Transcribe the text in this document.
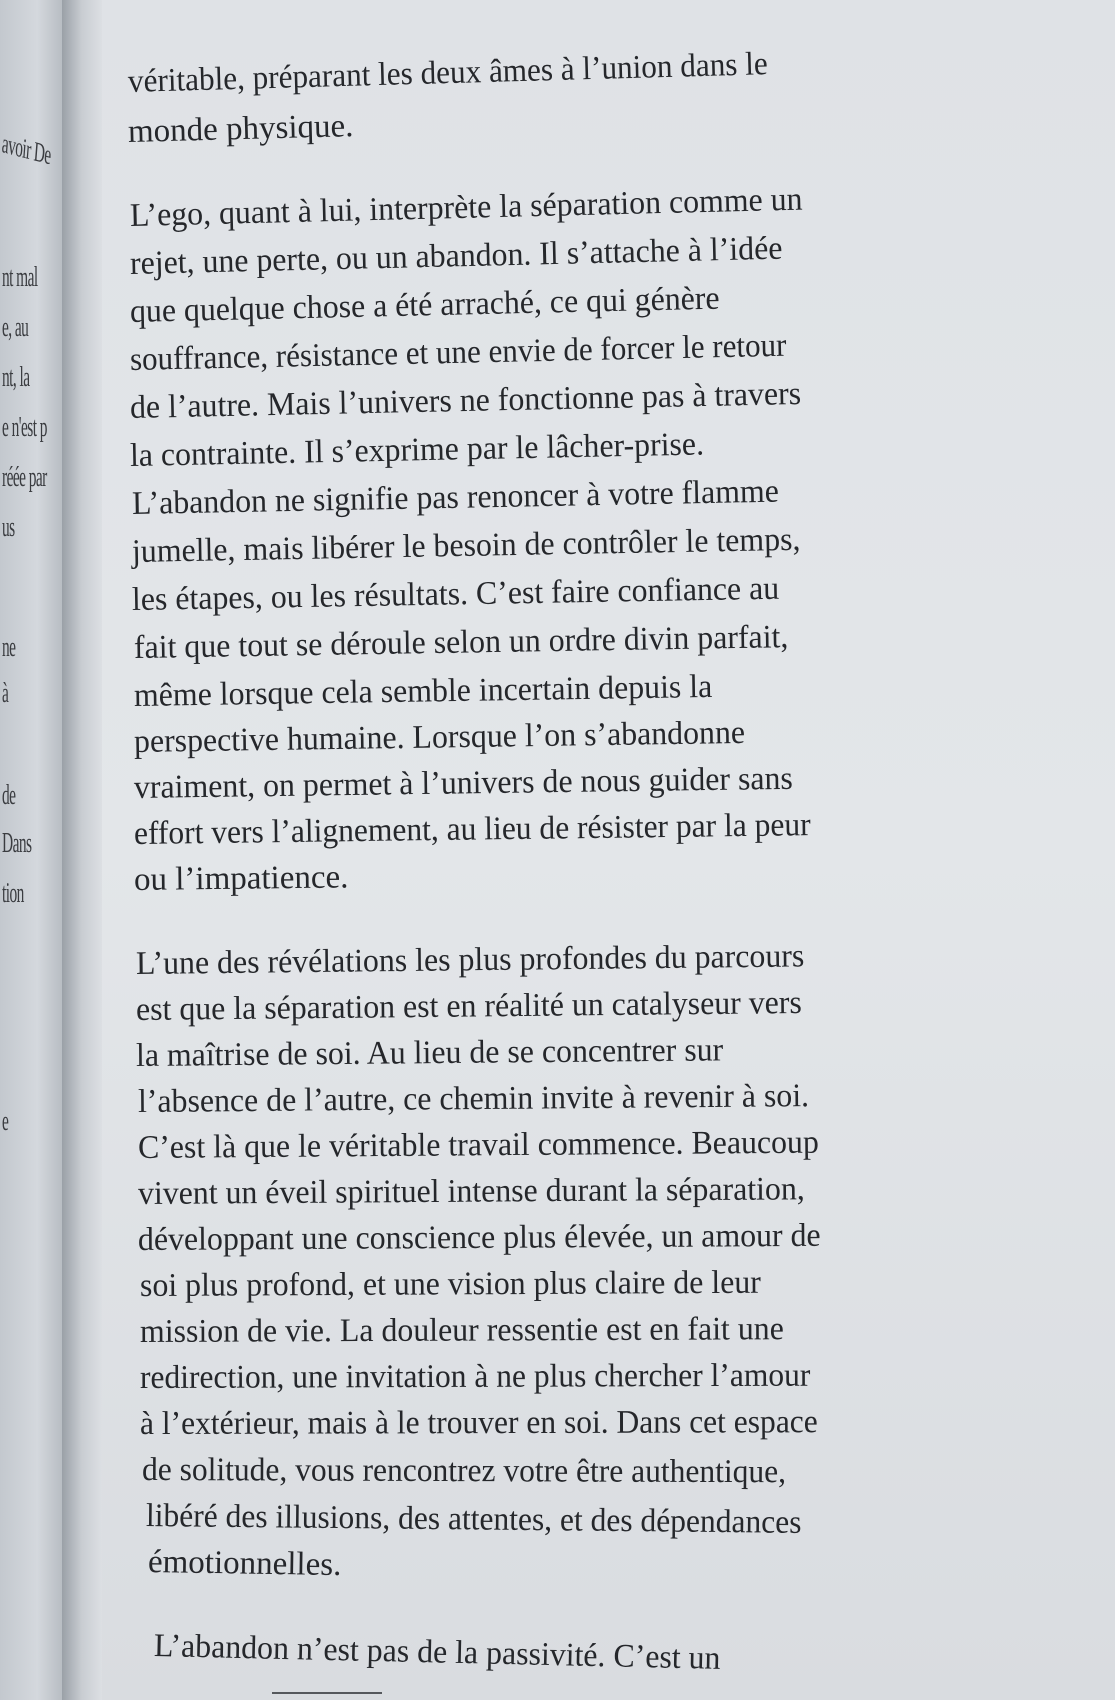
avoir De
nt mal
e, au
nt, la
e n'est p
réée par
us
ne
à
de
Dans
tion
e
véritable, préparant les deux âmes à l’union dans le
monde physique.
L’ego, quant à lui, interprète la séparation comme un
rejet, une perte, ou un abandon. Il s’attache à l’idée
que quelque chose a été arraché, ce qui génère
souffrance, résistance et une envie de forcer le retour
de l’autre. Mais l’univers ne fonctionne pas à travers
la contrainte. Il s’exprime par le lâcher-prise.
L’abandon ne signifie pas renoncer à votre flamme
jumelle, mais libérer le besoin de contrôler le temps,
les étapes, ou les résultats. C’est faire confiance au
fait que tout se déroule selon un ordre divin parfait,
même lorsque cela semble incertain depuis la
perspective humaine. Lorsque l’on s’abandonne
vraiment, on permet à l’univers de nous guider sans
effort vers l’alignement, au lieu de résister par la peur
ou l’impatience.
L’une des révélations les plus profondes du parcours
est que la séparation est en réalité un catalyseur vers
la maîtrise de soi. Au lieu de se concentrer sur
l’absence de l’autre, ce chemin invite à revenir à soi.
C’est là que le véritable travail commence. Beaucoup
vivent un éveil spirituel intense durant la séparation,
développant une conscience plus élevée, un amour de
soi plus profond, et une vision plus claire de leur
mission de vie. La douleur ressentie est en fait une
redirection, une invitation à ne plus chercher l’amour
à l’extérieur, mais à le trouver en soi. Dans cet espace
de solitude, vous rencontrez votre être authentique,
libéré des illusions, des attentes, et des dépendances
émotionnelles.
L’abandon n’est pas de la passivité. C’est un
